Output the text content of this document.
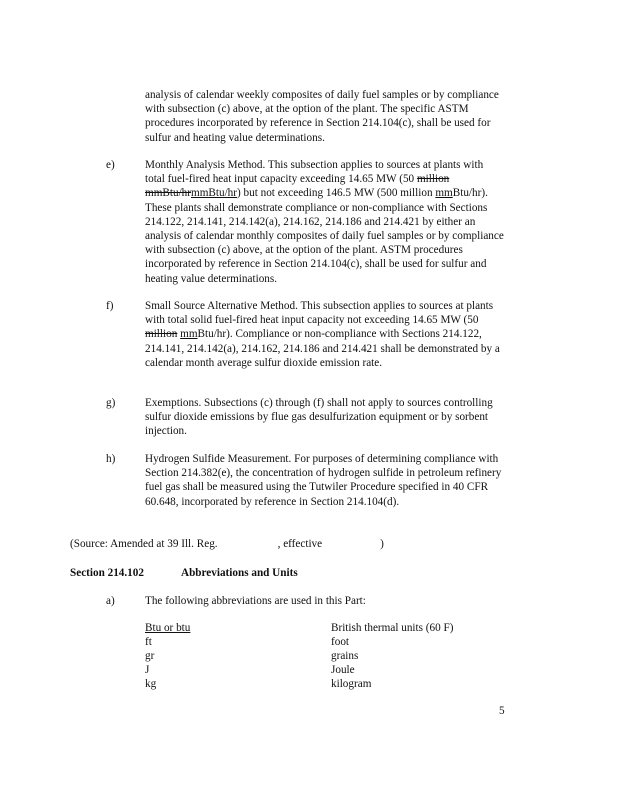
analysis of calendar weekly composites of daily fuel samples or by compliance with subsection (c) above, at the option of the plant. The specific ASTM procedures incorporated by reference in Section 214.104(c), shall be used for sulfur and heating value determinations.

e)	Monthly Analysis Method. This subsection applies to sources at plants with total fuel-fired heat input capacity exceeding 14.65 MW (50 million mmBtu/hrmmBtu/hr) but not exceeding 146.5 MW (500 million mmBtu/hr). These plants shall demonstrate compliance or non-compliance with Sections 214.122, 214.141, 214.142(a), 214.162, 214.186 and 214.421 by either an analysis of calendar monthly composites of daily fuel samples or by compliance with subsection (c) above, at the option of the plant. ASTM procedures incorporated by reference in Section 214.104(c), shall be used for sulfur and heating value determinations.

f)	Small Source Alternative Method. This subsection applies to sources at plants with total solid fuel-fired heat input capacity not exceeding 14.65 MW (50 million mmBtu/hr). Compliance or non-compliance with Sections 214.122, 214.141, 214.142(a), 214.162, 214.186 and 214.421 shall be demonstrated by a calendar month average sulfur dioxide emission rate.

g)	Exemptions. Subsections (c) through (f) shall not apply to sources controlling sulfur dioxide emissions by flue gas desulfurization equipment or by sorbent injection.

h)	Hydrogen Sulfide Measurement. For purposes of determining compliance with Section 214.382(e), the concentration of hydrogen sulfide in petroleum refinery fuel gas shall be measured using the Tutwiler Procedure specified in 40 CFR 60.648, incorporated by reference in Section 214.104(d).

(Source: Amended at 39 Ill. Reg.	, effective	)
Section 214.102	Abbreviations and Units

a)	The following abbreviations are used in this Part:

Btu or btu	British thermal units (60 F)
ft	foot
gr	grains
J	Joule
kg	kilogram
5
